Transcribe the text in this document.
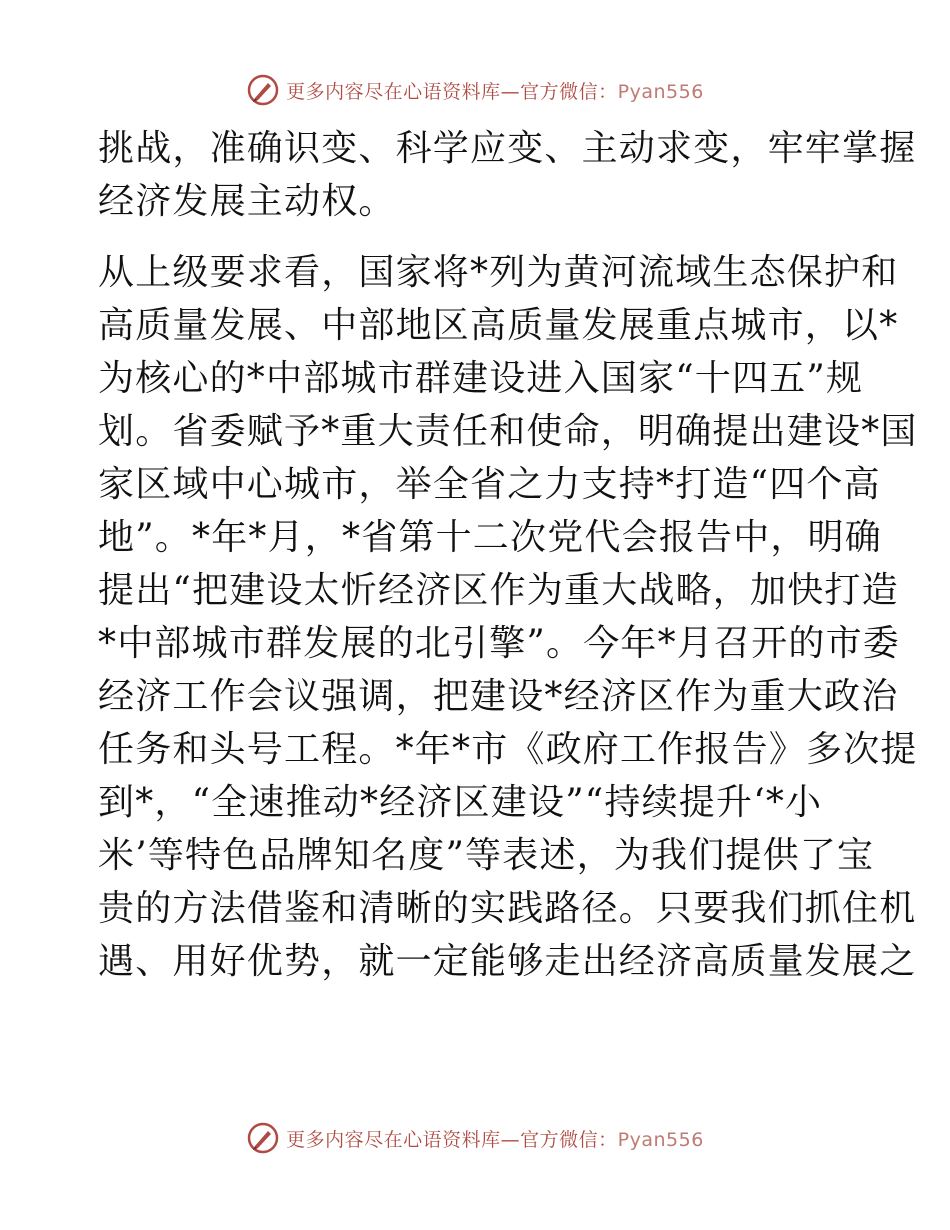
更多内容尽在心语资料库—官方微信：Pyan556
挑战，准确识变、科学应变、主动求变，牢牢掌握
经济发展主动权。
从上级要求看，国家将*列为黄河流域生态保护和
高质量发展、中部地区高质量发展重点城市，以*
为核心的*中部城市群建设进入国家“十四五”规
划。省委赋予*重大责任和使命，明确提出建设*国
家区域中心城市，举全省之力支持*打造“四个高
地”。*年*月，*省第十二次党代会报告中，明确
提出“把建设太忻经济区作为重大战略，加快打造
*中部城市群发展的北引擎”。今年*月召开的市委
经济工作会议强调，把建设*经济区作为重大政治
任务和头号工程。*年*市《政府工作报告》多次提
到*，“全速推动*经济区建设”“持续提升‘*小
米’等特色品牌知名度”等表述，为我们提供了宝
贵的方法借鉴和清晰的实践路径。只要我们抓住机
遇、用好优势，就一定能够走出经济高质量发展之
更多内容尽在心语资料库—官方微信：Pyan556
